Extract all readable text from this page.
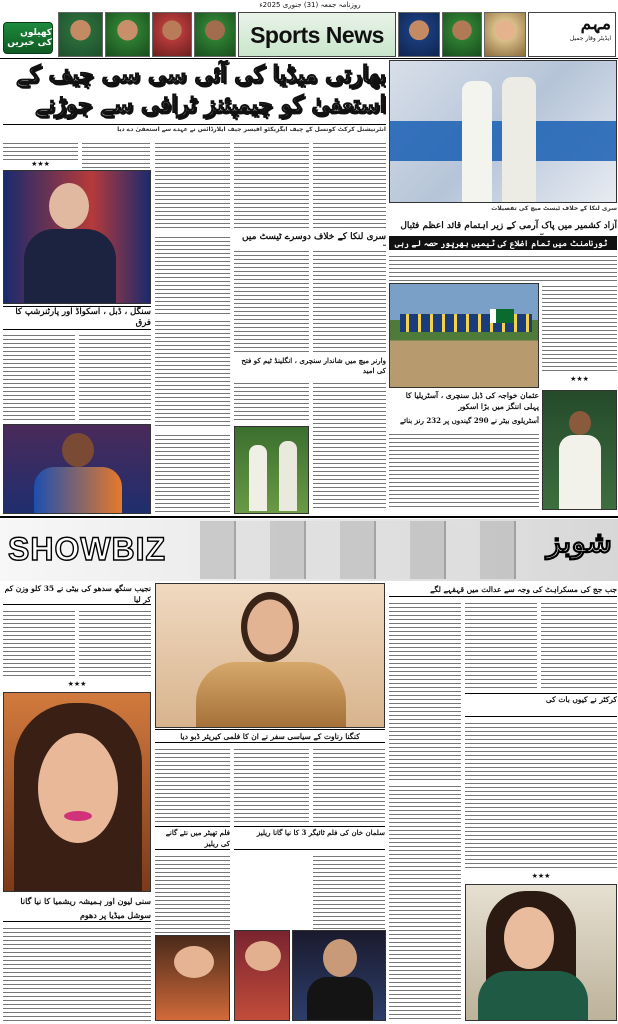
روزنامہ جمعہ (31) جنوری 2025ء
کھیلوں کی خبریں	Sports News	مہم
ایڈیٹر وقار جمیل
بھارتی میڈیا کی آئی سی سی چیف کے استعفیٰ کو چیمپئنز ٹرافی سے جوڑنے
انٹرنیشنل کرکٹ کونسل کے چیف ایگزیکٹو آفیسر جیف ایلارڈائس نے عہدے سے استعفیٰ دے دیا
★★★
سری لنکا کے خلاف ٹیسٹ میچ کی تفصیلات
سری لنکا کے خلاف دوسرے ٹیسٹ میں
آزاد کشمیر میں پاک آرمی کے زیر اہتمام قائد اعظم فٹبال
ٹورنامنٹ میں تمام اضلاع کی ٹیمیں بھرپور حصہ لے رہی
★★★
سنگل ، ڈبل ، اسکواڈ اور پارٹنرشپ کا فرق
وارنر میچ میں شاندار سنچری ، انگلینڈ ٹیم کو فتح کی امید
عثمان خواجہ کی ڈبل سنچری ، آسٹریلیا کا پہلی اننگز میں بڑا اسکور
آسٹریلوی بیٹر نے 290 گیندوں پر 232 رنز بنائے
SHOWBIZ	شوبز
نجیب سنگھ سدھو کی بیٹی نے 35 کلو وزن کم کر لیا
★★★
کنگنا رناوت کے سیاسی سفر نے ان کا فلمی کیریئر ڈبو دیا
جب جج کی مسکراہٹ کی وجہ سے عدالت میں قہقہے لگے
کرکٹر نے کیوں بات کی
سنی لیون اور ہمیشہ ریشمیا کا نیا گانا
سوشل میڈیا پر دھوم
فلم تھیٹر میں نئے گانے کی ریلیز
سلمان خان کی فلم ٹائیگر 3 کا نیا گانا ریلیز
★★★
